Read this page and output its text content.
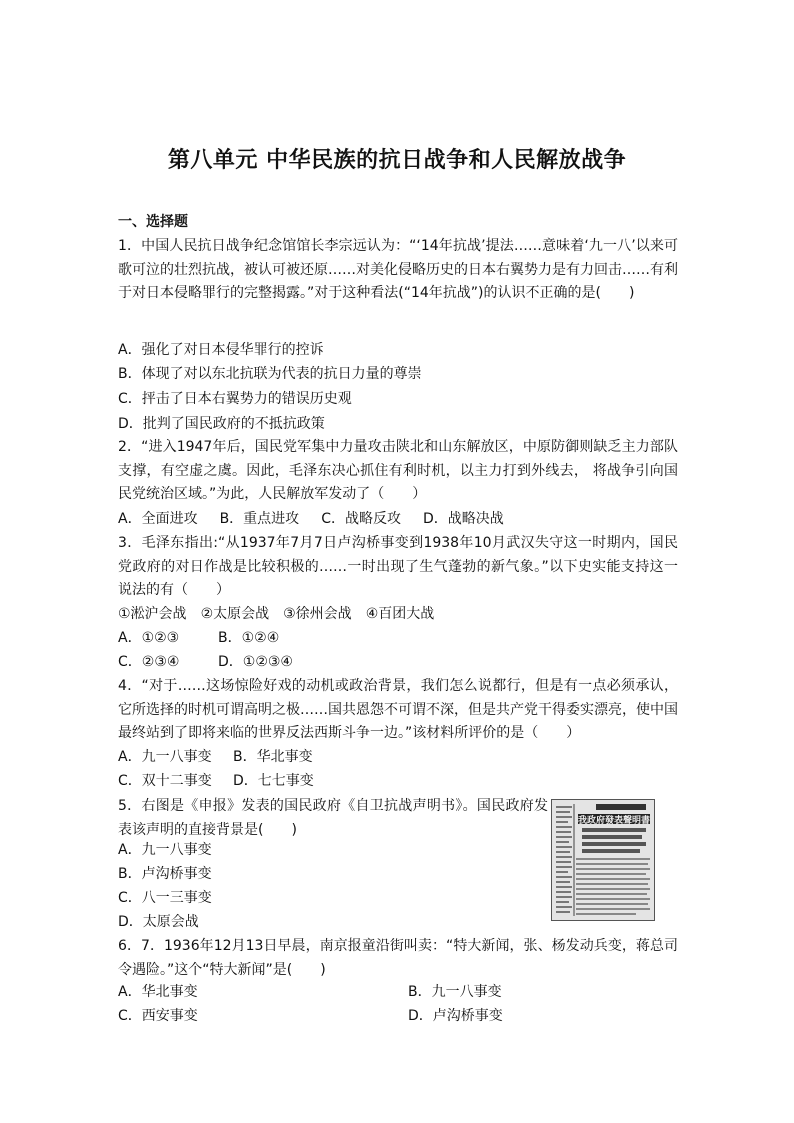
第八单元 中华民族的抗日战争和人民解放战争
一、选择题
1．中国人民抗日战争纪念馆馆长李宗远认为：“‘14年抗战’提法……意味着‘九一八’以来可歌可泣的壮烈抗战，被认可被还原……对美化侵略历史的日本右翼势力是有力回击……有利于对日本侵略罪行的完整揭露。”对于这种看法(“14年抗战”)的认识不正确的是(　　)
A．强化了对日本侵华罪行的控诉
B．体现了对以东北抗联为代表的抗日力量的尊崇
C．抨击了日本右翼势力的错误历史观
D．批判了国民政府的不抵抗政策
2．“进入1947年后，国民党军集中力量攻击陕北和山东解放区，中原防御则缺乏主力部队支撑，有空虚之虞。因此，毛泽东决心抓住有利时机，以主力打到外线去， 将战争引向国民党统治区域。”为此，人民解放军发动了（　　）
A．全面进攻 B．重点进攻 C．战略反攻 D．战略决战
3．毛泽东指出:“从1937年7月7日卢沟桥事变到1938年10月武汉失守这一时期内，国民党政府的对日作战是比较积极的……一时出现了生气蓬勃的新气象。”以下史实能支持这一说法的有（　　）
①淞沪会战 ②太原会战 ③徐州会战 ④百团大战
A．①②③	B．①②④
C．②③④	D．①②③④
4．“对于……这场惊险好戏的动机或政治背景，我们怎么说都行，但是有一点必须承认，它所选择的时机可谓高明之极……国共恩怨不可谓不深，但是共产党干得委实漂亮，使中国最终站到了即将来临的世界反法西斯斗争一边。”该材料所评价的是（　　）
A．九一八事变 B．华北事变
C．双十二事变 D．七七事变
5．右图是《申报》发表的国民政府《自卫抗战声明书》。国民政府发表该声明的直接背景是(　　)
A．九一八事变
B．卢沟桥事变
C．八一三事变
D．太原会战
我政府發表聲明書
6．7．1936年12月13日早晨，南京报童沿街叫卖：“特大新闻，张、杨发动兵变，蒋总司令遇险。”这个“特大新闻”是(　　)
A．华北事变	B．九一八事变
C．西安事变	D．卢沟桥事变
